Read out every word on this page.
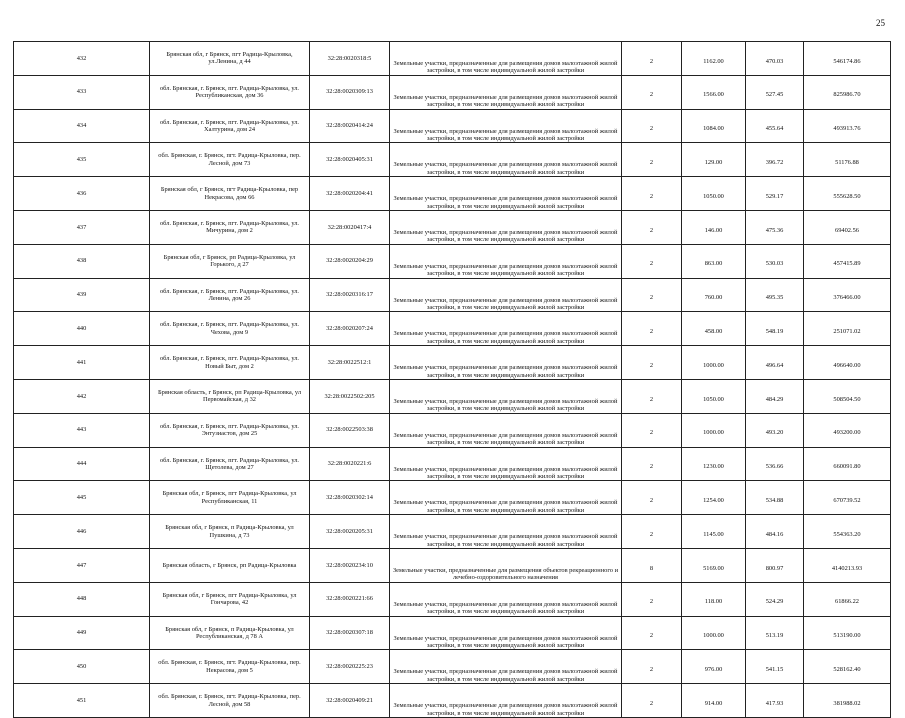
25
432	Брянская обл, г Брянск, пгт Радица-Крыловка, ул.Ленина, д 44	32:28:0020318:5	Земельные участки, предназначенные для размещения домов малоэтажной жилой застройки, в том числе индивидуальной жилой застройки	2	1162.00	470.03	546174.86
433	обл. Брянская, г. Брянск, пгт. Радица-Крыловка, ул. Республиканская, дом 36	32:28:0020309:13	Земельные участки, предназначенные для размещения домов малоэтажной жилой застройки, в том числе индивидуальной жилой застройки	2	1566.00	527.45	825986.70
434	обл. Брянская, г. Брянск, пгт. Радица-Крыловка, ул. Халтурина, дом 24	32:28:0020414:24	Земельные участки, предназначенные для размещения домов малоэтажной жилой застройки, в том числе индивидуальной жилой застройки	2	1084.00	455.64	493913.76
435	обл. Брянская, г. Брянск, пгт. Радица-Крыловка, пер. Лесной, дом 73	32:28:0020405:31	Земельные участки, предназначенные для размещения домов малоэтажной жилой застройки, в том числе индивидуальной жилой застройки	2	129.00	396.72	51176.88
436	Брянская обл, г Брянск, пгт Радица-Крыловка, пер Некрасова, дом 66	32:28:0020204:41	Земельные участки, предназначенные для размещения домов малоэтажной жилой застройки, в том числе индивидуальной жилой застройки	2	1050.00	529.17	555628.50
437	обл. Брянская, г. Брянск, пгт. Радица-Крыловка, ул. Мичурина, дом 2	32:28:0020417:4	Земельные участки, предназначенные для размещения домов малоэтажной жилой застройки, в том числе индивидуальной жилой застройки	2	146.00	475.36	69402.56
438	Брянская обл, г Брянск, рп Радица-Крыловка, ул Горького, д 27	32:28:0020204:29	Земельные участки, предназначенные для размещения домов малоэтажной жилой застройки, в том числе индивидуальной жилой застройки	2	863.00	530.03	457415.89
439	обл. Брянская, г. Брянск, пгт. Радица-Крыловка, ул. Ленина, дом 26	32:28:0020316:17	Земельные участки, предназначенные для размещения домов малоэтажной жилой застройки, в том числе индивидуальной жилой застройки	2	760.00	495.35	376466.00
440	обл. Брянская, г. Брянск, пгт. Радица-Крыловка, ул. Чехова, дом 9	32:28:0020207:24	Земельные участки, предназначенные для размещения домов малоэтажной жилой застройки, в том числе индивидуальной жилой застройки	2	458.00	548.19	251071.02
441	обл. Брянская, г. Брянск, пгт. Радица-Крыловка, ул. Новый Быт, дом 2	32:28:0022512:1	Земельные участки, предназначенные для размещения домов малоэтажной жилой застройки, в том числе индивидуальной жилой застройки	2	1000.00	496.64	496640.00
442	Брянская область, г Брянск, рп Радица-Крыловка, ул Первомайская, д 32	32:28:0022502:205	Земельные участки, предназначенные для размещения домов малоэтажной жилой застройки, в том числе индивидуальной жилой застройки	2	1050.00	484.29	508504.50
443	обл. Брянская, г. Брянск, пгт. Радица-Крыловка, ул. Энтузиастов, дом 25	32:28:0022503:38	Земельные участки, предназначенные для размещения домов малоэтажной жилой застройки, в том числе индивидуальной жилой застройки	2	1000.00	493.20	493200.00
444	обл. Брянская, г. Брянск, пгт. Радица-Крыловка, ул. Щетолева, дом 27	32:28:0020221:6	Земельные участки, предназначенные для размещения домов малоэтажной жилой застройки, в том числе индивидуальной жилой застройки	2	1230.00	536.66	660091.80
445	Брянская обл, г Брянск, пгт Радица-Крыловка, ул Республиканская, 11	32:28:0020302:14	Земельные участки, предназначенные для размещения домов малоэтажной жилой застройки, в том числе индивидуальной жилой застройки	2	1254.00	534.88	670739.52
446	Брянская обл, г Брянск, п Радица-Крыловка, ул Пушкина, д 73	32:28:0020205:31	Земельные участки, предназначенные для размещения домов малоэтажной жилой застройки, в том числе индивидуальной жилой застройки	2	1145.00	484.16	554363.20
447	Брянская область, г Брянск, рп Радица-Крыловка	32:28:0020234:10	Земельные участки, предназначенные для размещения объектов рекреационного и лечебно-оздоровительного назначения	8	5169.00	800.97	4140213.93
448	Брянская обл, г Брянск, пгт Радица-Крыловка, ул Гончарова, 42	32:28:0020221:66	Земельные участки, предназначенные для размещения домов малоэтажной жилой застройки, в том числе индивидуальной жилой застройки	2	118.00	524.29	61866.22
449	Брянская обл, г Брянск, п Радица-Крыловка, ул Республиканская, д 78 А	32:28:0020307:18	Земельные участки, предназначенные для размещения домов малоэтажной жилой застройки, в том числе индивидуальной жилой застройки	2	1000.00	513.19	513190.00
450	обл. Брянская, г. Брянск, пгт. Радица-Крыловка, пер. Некрасова, дом 5	32:28:0020225:23	Земельные участки, предназначенные для размещения домов малоэтажной жилой застройки, в том числе индивидуальной жилой застройки	2	976.00	541.15	528162.40
451	обл. Брянская, г. Брянск, пгт. Радица-Крыловка, пер. Лесной, дом 58	32:28:0020409:21	Земельные участки, предназначенные для размещения домов малоэтажной жилой застройки, в том числе индивидуальной жилой застройки	2	914.00	417.93	381988.02
